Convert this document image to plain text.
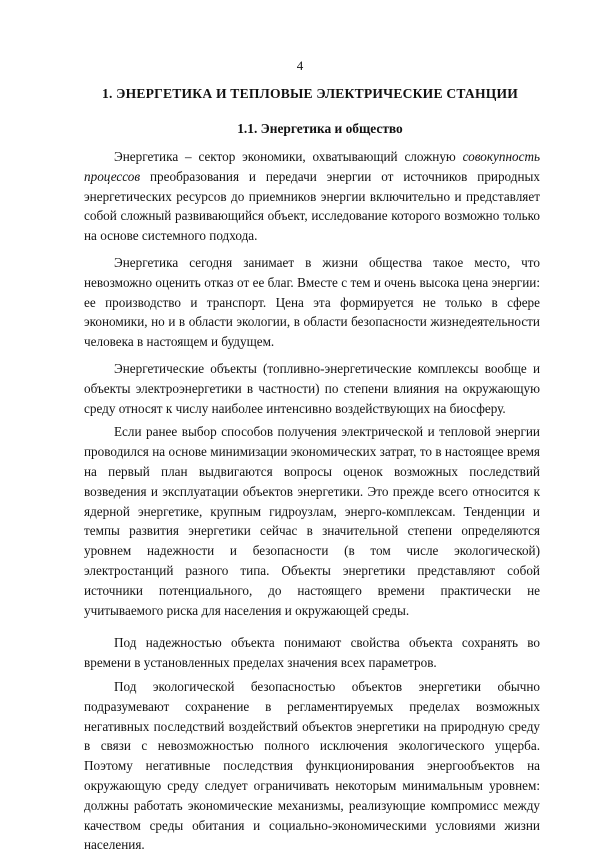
4
1. ЭНЕРГЕТИКА И ТЕПЛОВЫЕ ЭЛЕКТРИЧЕСКИЕ СТАНЦИИ
1.1. Энергетика и общество

Энергетика – сектор экономики, охватывающий сложную совокупность процессов преобразования и передачи энергии от источников природных энергетических ресурсов до приемников энергии включительно и представляет собой сложный развивающийся объект, исследование которого возможно только на основе системного подхода.

Энергетика сегодня занимает в жизни общества такое место, что невозможно оценить отказ от ее благ. Вместе с тем и очень высока цена энергии: ее производство и транспорт. Цена эта формируется не только в сфере экономики, но и в области экологии, в области безопасности жизнедеятельности человека в настоящем и будущем.

Энергетические объекты (топливно-энергетические комплексы вообще и объекты электроэнергетики в частности) по степени влияния на окружающую среду относят к числу наиболее интенсивно воздействующих на биосферу.

Если ранее выбор способов получения электрической и тепловой энергии проводился на основе минимизации экономических затрат, то в настоящее время на первый план выдвигаются вопросы оценок возможных последствий возведения и эксплуатации объектов энергетики. Это прежде всего относится к ядерной энергетике, крупным гидроузлам, энерго-комплексам. Тенденции и темпы развития энергетики сейчас в значительной степени определяются уровнем надежности и безопасности (в том числе экологической) электростанций разного типа. Объекты энергетики представляют собой источники потенциального, до настоящего времени практически не учитываемого риска для населения и окружающей среды.

Под надежностью объекта понимают свойства объекта сохранять во времени в установленных пределах значения всех параметров.

Под экологической безопасностью объектов энергетики обычно подразумевают сохранение в регламентируемых пределах возможных негативных последствий воздействий объектов энергетики на природную среду в связи с невозможностью полного исключения экологического ущерба. Поэтому негативные последствия функционирования энергообъектов на окружающую среду следует ограничивать некоторым минимальным уровнем: должны работать экономические механизмы, реализующие компромисс между качеством среды обитания и социально-экономическими условиями жизни населения.
